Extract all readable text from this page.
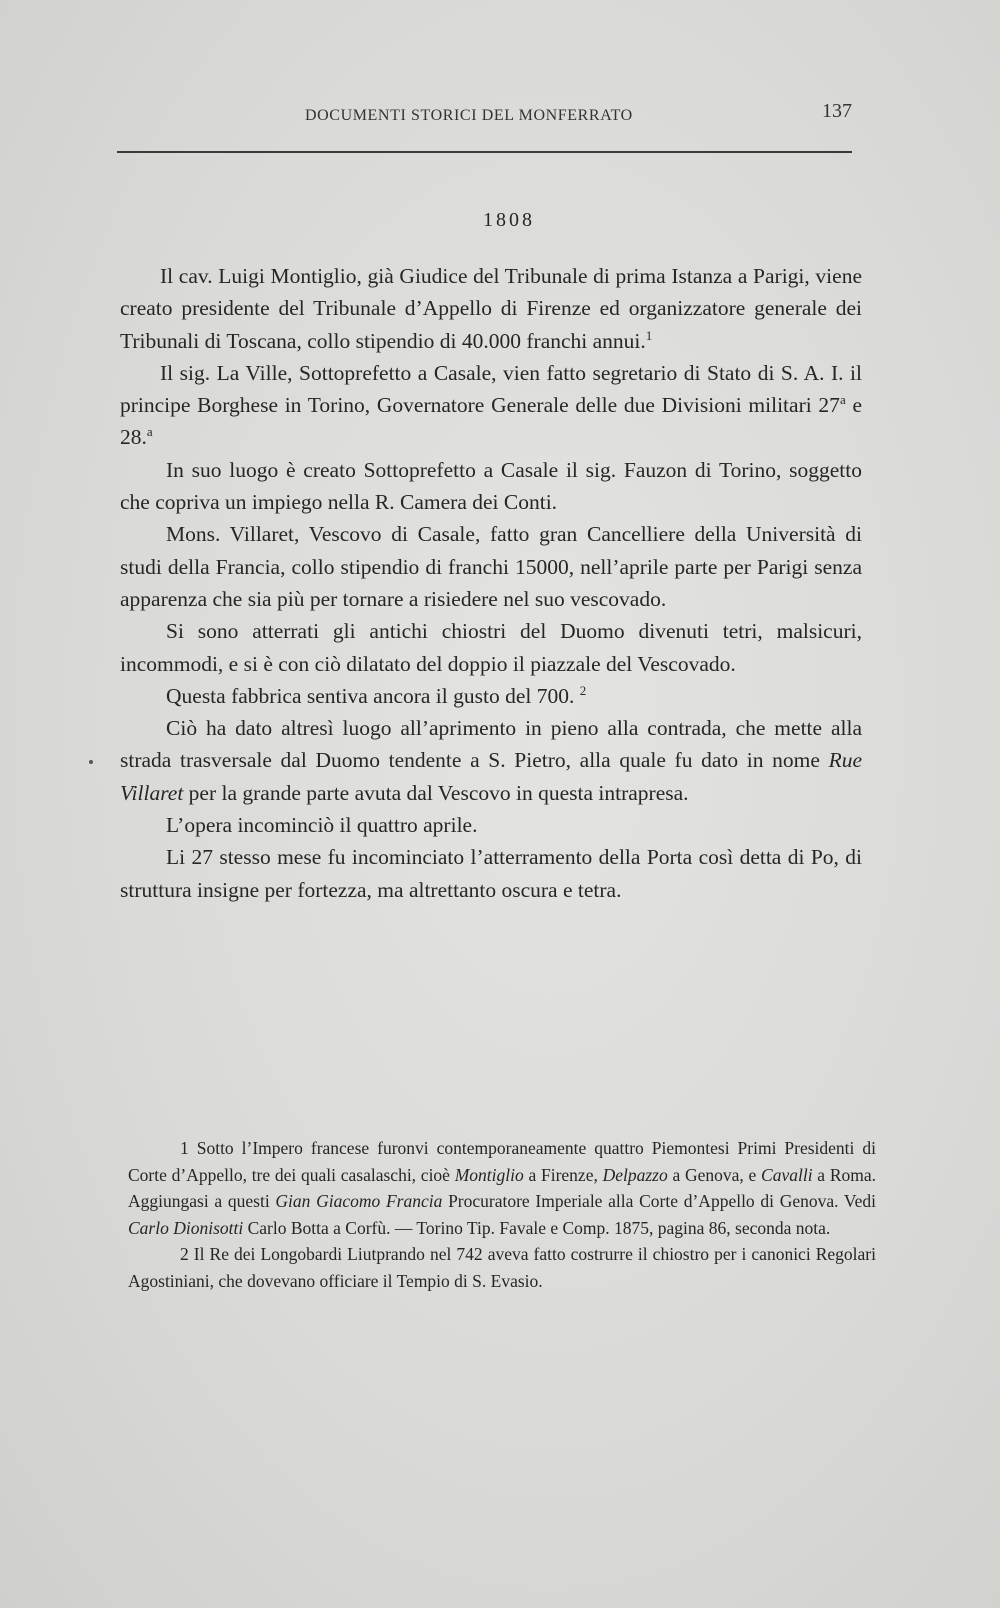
DOCUMENTI STORICI DEL MONFERRATO	137
1808

Il cav. Luigi Montiglio, già Giudice del Tribunale di prima Istanza a Parigi, viene creato presidente del Tribunale d’Appello di Firenze ed organizzatore generale dei Tribunali di Toscana, collo stipendio di 40.000 franchi annui.$^1$

Il sig. La Ville, Sottoprefetto a Casale, vien fatto segretario di Stato di S. A. I. il principe Borghese in Torino, Governatore Generale delle due Divisioni militari 27$^a$ e 28.$^a$

In suo luogo è creato Sottoprefetto a Casale il sig. Fauzon di Torino, soggetto che copriva un impiego nella R. Camera dei Conti.

Mons. Villaret, Vescovo di Casale, fatto gran Cancelliere della Università di studi della Francia, collo stipendio di franchi 15000, nell’aprile parte per Parigi senza apparenza che sia più per tornare a risiedere nel suo vescovado.

Si sono atterrati gli antichi chiostri del Duomo divenuti tetri, malsicuri, incommodi, e si è con ciò dilatato del doppio il piazzale del Vescovado.

Questa fabbrica sentiva ancora il gusto del 700. $^2$

Ciò ha dato altresì luogo all’aprimento in pieno alla contrada, che mette alla strada trasversale dal Duomo tendente a S. Pietro, alla quale fu dato in nome Rue Villaret per la grande parte avuta dal Vescovo in questa intrapresa.

L’opera incominciò il quattro aprile.

Li 27 stesso mese fu incominciato l’atterramento della Porta così detta di Po, di struttura insigne per fortezza, ma altrettanto oscura e tetra.

1 Sotto l’Impero francese furonvi contemporaneamente quattro Piemontesi Primi Presidenti di Corte d’Appello, tre dei quali casalaschi, cioè Montiglio a Firenze, Delpazzo a Genova, e Cavalli a Roma. Aggiungasi a questi Gian Giacomo Francia Procuratore Imperiale alla Corte d’Appello di Genova. Vedi Carlo Dionisotti Carlo Botta a Corfù. — Torino Tip. Favale e Comp. 1875, pagina 86, seconda nota.

2 Il Re dei Longobardi Liutprando nel 742 aveva fatto costrurre il chiostro per i canonici Regolari Agostiniani, che dovevano officiare il Tempio di S. Evasio.
